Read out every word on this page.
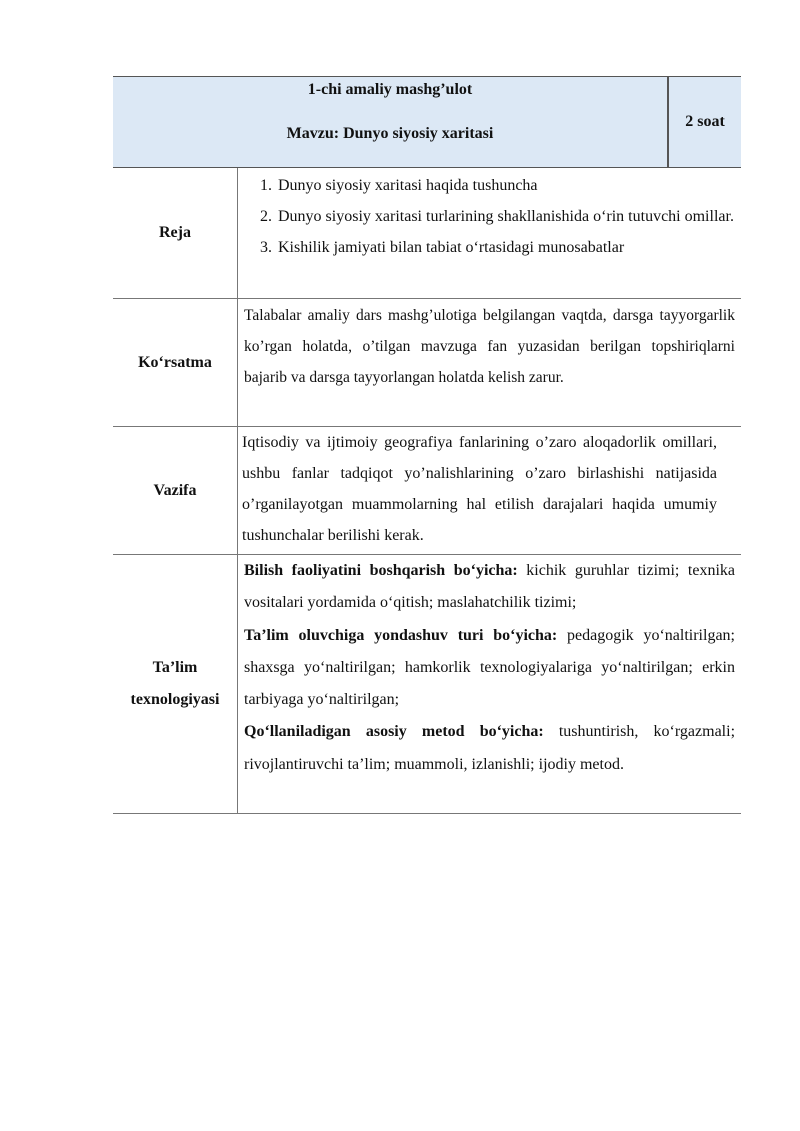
1-chi amaliy mashg’ulot
Mavzu: Dunyo siyosiy xaritasi
2 soat
Reja
1. Dunyo siyosiy xaritasi haqida tushuncha
2. Dunyo siyosiy xaritasi turlarining shakllanishida o‘rin tutuvchi omillar.
3. Kishilik jamiyati bilan tabiat o‘rtasidagi munosabatlar
Ko‘rsatma
Talabalar amaliy dars mashg’ulotiga belgilangan vaqtda, darsga tayyorgarlik ko’rgan holatda, o’tilgan mavzuga fan yuzasidan berilgan topshiriqlarni bajarib va darsga tayyorlangan holatda kelish zarur.
Vazifa
Iqtisodiy va ijtimoiy geografiya fanlarining o’zaro aloqadorlik omillari, ushbu fanlar tadqiqot yo’nalishlarining o’zaro birlashishi natijasida o’rganilayotgan muammolarning hal etilish darajalari haqida umumiy tushunchalar berilishi kerak.
Ta’lim
texnologiyasi
Bilish faoliyatini boshqarish bo‘yicha: kichik guruhlar tizimi; texnika vositalari yordamida o‘qitish; maslahatchilik tizimi;
Ta’lim oluvchiga yondashuv turi bo‘yicha: pedagogik yo‘naltirilgan; shaxsga yo‘naltirilgan; hamkorlik texnologiyalariga yo‘naltirilgan; erkin tarbiyaga yo‘naltirilgan;
Qo‘llaniladigan asosiy metod bo‘yicha: tushuntirish, ko‘rgazmali; rivojlantiruvchi ta’lim; muammoli, izlanishli; ijodiy metod.
